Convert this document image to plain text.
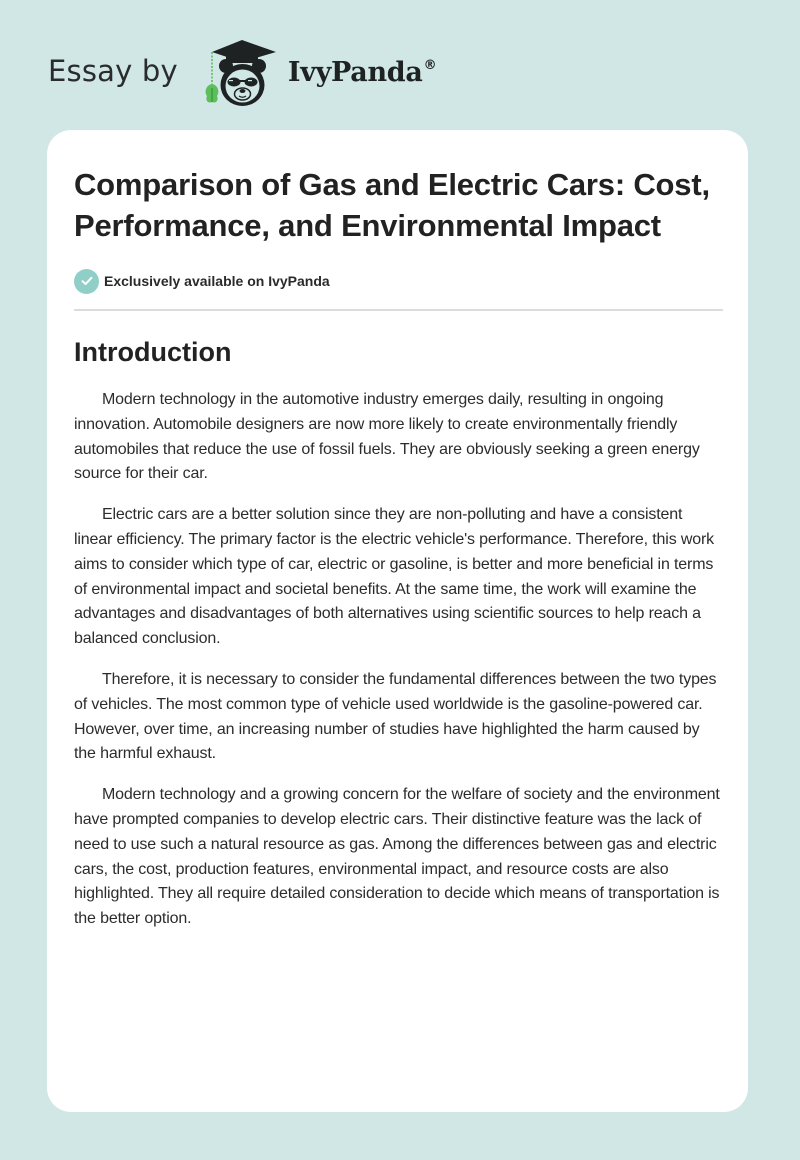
Essay by	IvyPanda®
Comparison of Gas and Electric Cars: Cost, Performance, and Environmental Impact
Exclusively available on IvyPanda
Introduction

Modern technology in the automotive industry emerges daily, resulting in ongoing innovation. Automobile designers are now more likely to create environmentally friendly automobiles that reduce the use of fossil fuels. They are obviously seeking a green energy source for their car.

Electric cars are a better solution since they are non-polluting and have a consistent linear efficiency. The primary factor is the electric vehicle's performance. Therefore, this work aims to consider which type of car, electric or gasoline, is better and more beneficial in terms of environmental impact and societal benefits. At the same time, the work will examine the advantages and disadvantages of both alternatives using scientific sources to help reach a balanced conclusion.

Therefore, it is necessary to consider the fundamental differences between the two types of vehicles. The most common type of vehicle used worldwide is the gasoline-powered car. However, over time, an increasing number of studies have highlighted the harm caused by the harmful exhaust.

Modern technology and a growing concern for the welfare of society and the environment have prompted companies to develop electric cars. Their distinctive feature was the lack of need to use such a natural resource as gas. Among the differences between gas and electric cars, the cost, production features, environmental impact, and resource costs are also highlighted. They all require detailed consideration to decide which means of transportation is the better option.
